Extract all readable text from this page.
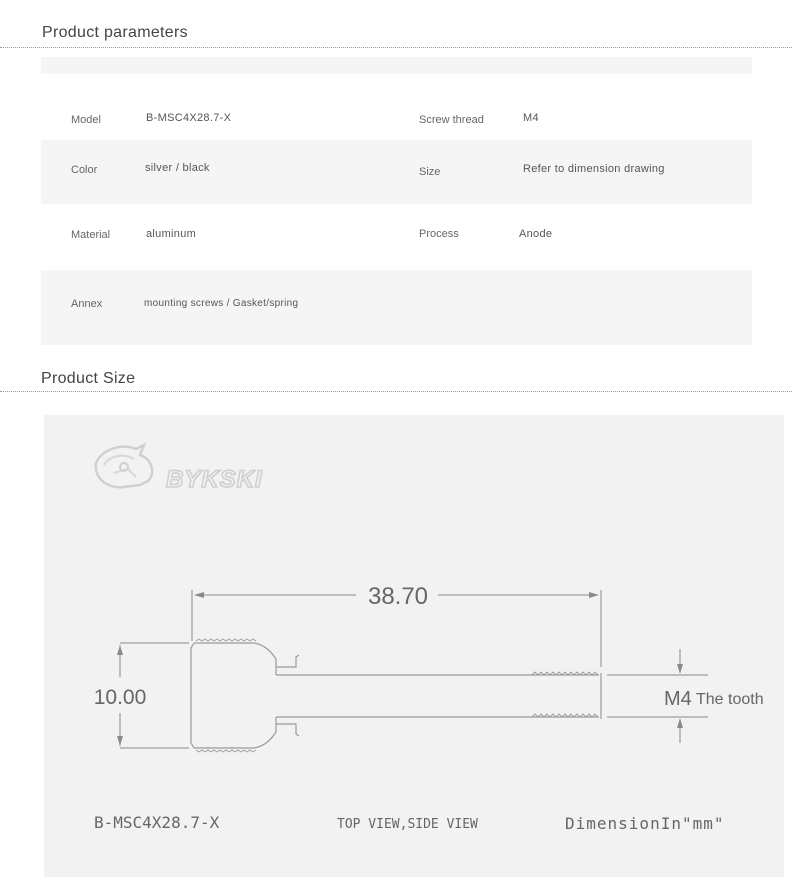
Product parameters
Model	B-MSC4X28.7-X	Screw thread	M4
Color	silver / black	Size	Refer to dimension drawing
Material	aluminum	Process	Anode
Annex	mounting screws / Gasket/spring
Product Size
BYKSKI
38.70
10.00	M4 The tooth
B-MSC4X28.7-X	TOP VIEW,SIDE VIEW	DimensionIn"mm"
